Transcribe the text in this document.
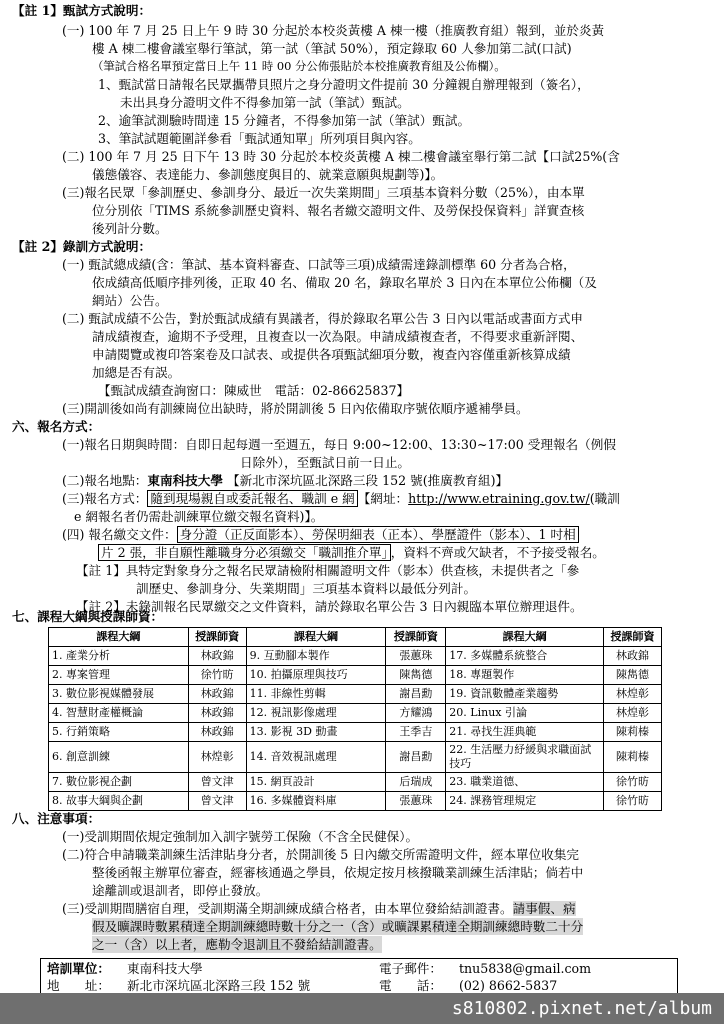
【註 1】甄試方式說明：
(一) 100 年 7 月 25 日上午 9 時 30 分起於本校炎黃樓 A 棟一樓（推廣教育組）報到，並於炎黃
樓 A 棟二樓會議室舉行筆試，第一試（筆試 50%），預定錄取 60 人參加第二試(口試)
（筆試合格名單預定當日上午 11 時 00 分公佈張貼於本校推廣教育組及公佈欄）。
1、甄試當日請報名民眾攜帶貝照片之身分證明文件提前 30 分鐘親自辦理報到（簽名），
未出具身分證明文件不得參加第一試（筆試）甄試。
2、逾筆試測驗時間達 15 分鐘者，不得參加第一試（筆試）甄試。
3、筆試試題範圍詳參看「甄試通知單」所列項目與內容。
(二) 100 年 7 月 25 日下午 13 時 30 分起於本校炎黃樓 A 棟二樓會議室舉行第二試【口試25%(含
儀態儀容、表達能力、參訓態度與目的、就業意願與規劃等)】。
(三)報名民眾「參訓歷史、參訓身分、最近一次失業期間」三項基本資料分數（25%），由本單
位分別依「TIMS 系統參訓歷史資料、報名者繳交證明文件、及勞保投保資料」詳實查核
後列計分數。
【註 2】錄訓方式說明：
(一) 甄試總成績(含：筆試、基本資料審查、口試等三項)成績需達錄訓標準 60 分者為合格，
依成績高低順序排列後，正取 40 名、備取 20 名，錄取名單於 3 日內在本單位公佈欄（及
網站）公告。
(二) 甄試成績不公告，對於甄試成績有異議者，得於錄取名單公告 3 日內以電話或書面方式申
請成績複查，逾期不予受理，且複查以一次為限。申請成績複查者，不得要求重新評閱、
申請閱覽或複印答案卷及口試表、或提供各項甄試細項分數，複查內容僅重新核算成績
加總是否有誤。
【甄試成績查詢窗口：陳威世　電話：02-86625837】
(三)開訓後如尚有訓練崗位出缺時，將於開訓後 5 日內依備取序號依順序遞補學員。
六、報名方式：
(一)報名日期與時間：自即日起每週一至週五，每日 9:00~12:00、13:30~17:00 受理報名（例假
日除外），至甄試日前一日止。
(二)報名地點：東南科技大學 【新北市深坑區北深路三段 152 號(推廣教育組)】
(三)報名方式： 隨到現場親自或委託報名、職訓 e 網 【網址：http://www.etraining.gov.tw/(職訓
e 網報名者仍需赴訓練單位繳交報名資料)】。
(四) 報名繳交文件： 身分證（正反面影本）、勞保明細表（正本）、學歷證件（影本）、1 吋相
片 2 張，非自願性離職身分必須繳交「職訓推介單」 ，資料不齊或欠缺者，不予接受報名。
【註 1】具特定對象身分之報名民眾請檢附相關證明文件（影本）供查核，未提供者之「參
訓歷史、參訓身分、失業期間」三項基本資料以最低分列計。
【註 2】未錄訓報名民眾繳交之文件資料，請於錄取名單公告 3 日內親臨本單位辦理退件。
七、課程大綱與授課師資：
課程大綱	授課師資	課程大綱	授課師資	課程大綱	授課師資
1. 產業分析	林政錦	9. 互動腳本製作	張蕙珠	17. 多媒體系統整合	林政錦
2. 專案管理	徐竹昉	10. 拍攝原理與技巧	陳雋德	18. 專題製作	陳雋德
3. 數位影視媒體發展	林政錦	11. 非線性剪輯	謝昌勳	19. 資訊數體產業趨勢	林煌彰
4. 智慧財產權概論	林政錦	12. 視訊影像處理	方耀鴻	20. Linux 引論	林煌彰
5. 行銷策略	林政錦	13. 影視 3D 動畫	王季吉	21. 尋找生涯典範	陳莉榛
6. 創意訓練	林煌彰	14. 音效視訊處理	謝昌勳	22. 生活壓力紓緩與求職面試技巧	陳莉榛
7. 數位影視企劃	曾文津	15. 網頁設計	后瑞成	23. 職業道德、	徐竹昉
8. 故事大綱與企劃	曾文津	16. 多媒體資料庫	張蕙珠	24. 課務管理規定	徐竹昉
八、注意事項：
(一)受訓期間依規定強制加入訓字號勞工保險（不含全民健保）。
(二)符合申請職業訓練生活津貼身分者，於開訓後 5 日內繳交所需證明文件，經本單位收集完
整後函報主辦單位審查，經審核通過之學員，依規定按月核撥職業訓練生活津貼；倘若中
途離訓或退訓者，即停止發放。
(三)受訓期間膳宿自理，受訓期滿全期訓練成績合格者，由本單位發給結訓證書。請事假、病
假及曠課時數累積達全期訓練總時數十分之一（含）或曠課累積達全期訓練總時數二十分
之一（含）以上者，應勒令退訓且不發給結訓證書。
培訓單位： 東南科技大學
地　　址： 新北市深坑區北深路三段 152 號
電子郵件： tnu5838@gmail.com
電　　話： (02) 8662-5837
s810802.pixnet.net/album
